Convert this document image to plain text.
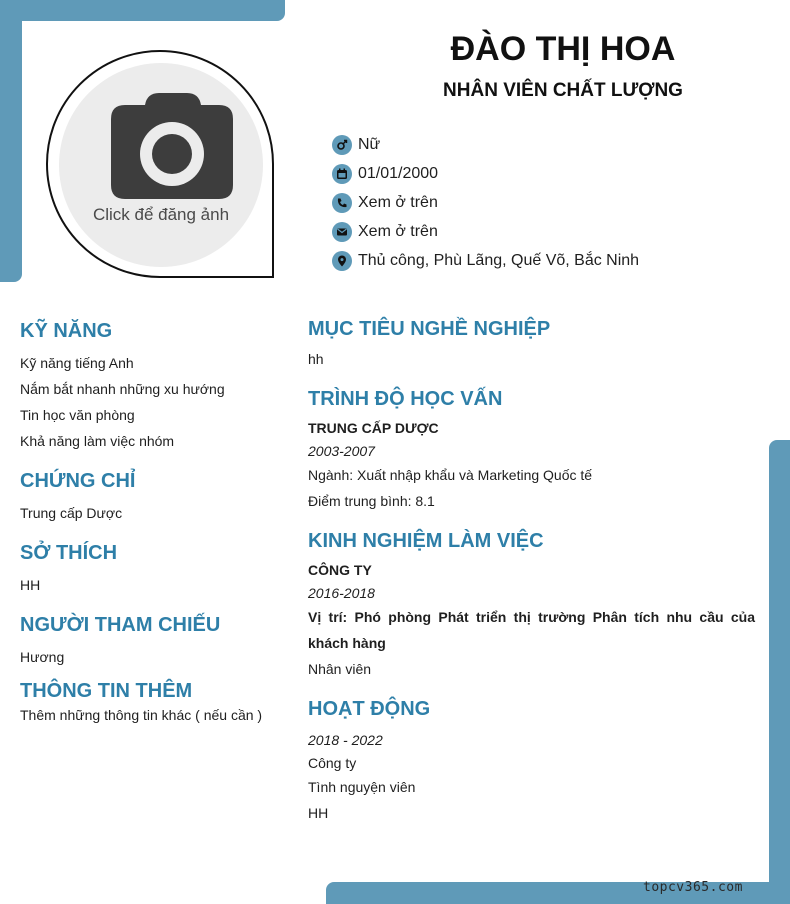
topcv365.com
Click để đăng ảnh
ĐÀO THỊ HOA
NHÂN VIÊN CHẤT LƯỢNG
Nữ
01/01/2000
Xem ở trên
Xem ở trên
Thủ công, Phù Lãng, Quế Võ, Bắc Ninh
KỸ NĂNG
Kỹ năng tiếng Anh
Nắm bắt nhanh những xu hướng
Tin học văn phòng
Khả năng làm việc nhóm
CHỨNG CHỈ
Trung cấp Dược
SỞ THÍCH
HH
NGƯỜI THAM CHIẾU
Hương
THÔNG TIN THÊM
Thêm những thông tin khác ( nếu cần )
MỤC TIÊU NGHỀ NGHIỆP
hh
TRÌNH ĐỘ HỌC VẤN
TRUNG CẤP DƯỢC
2003-2007
Ngành: Xuất nhập khẩu và Marketing Quốc tế
Điểm trung bình: 8.1
KINH NGHIỆM LÀM VIỆC
CÔNG TY
2016-2018
Vị trí: Phó phòng Phát triển thị trường Phân tích nhu cầu của khách hàng
Nhân viên
HOẠT ĐỘNG
2018 - 2022
Công ty
Tình nguyện viên
HH
